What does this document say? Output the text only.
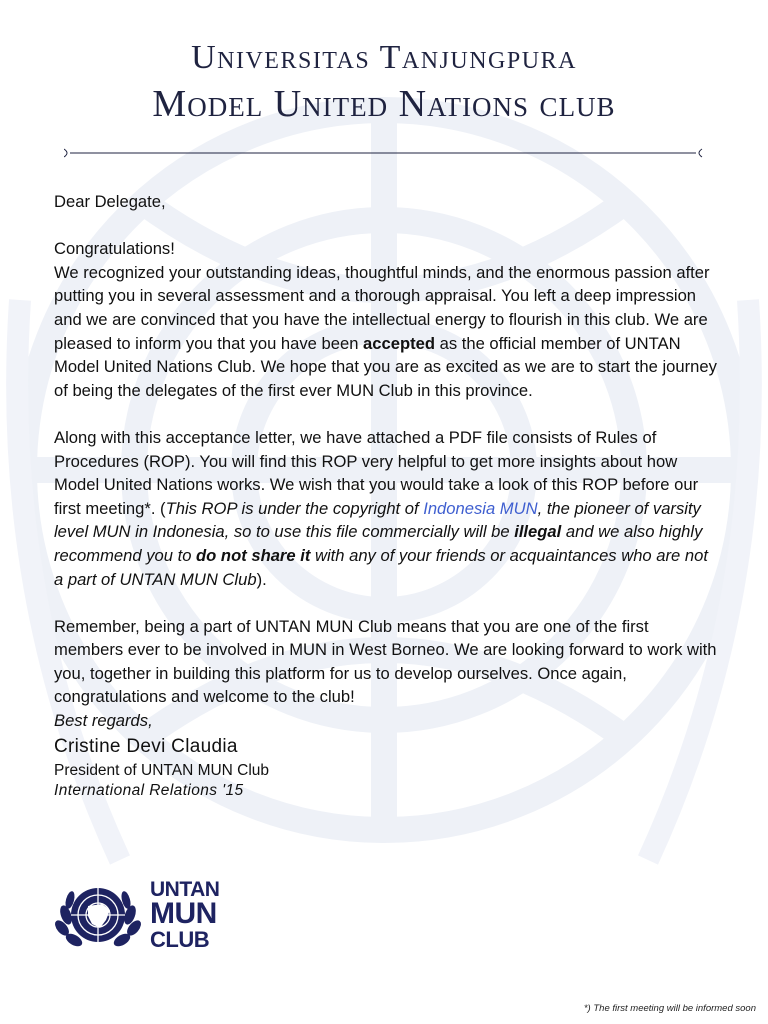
Universitas Tanjungpura
Model United Nations club

Dear Delegate,

Congratulations!

We recognized your outstanding ideas, thoughtful minds, and the enormous passion after putting you in several assessment and a thorough appraisal. You left a deep impression and we are convinced that you have the intellectual energy to flourish in this club. We are pleased to inform you that you have been accepted as the official member of UNTAN Model United Nations Club. We hope that you are as excited as we are to start the journey of being the delegates of the first ever MUN Club in this province.

Along with this acceptance letter, we have attached a PDF file consists of Rules of Procedures (ROP). You will find this ROP very helpful to get more insights about how Model United Nations works. We wish that you would take a look of this ROP before our first meeting*. (This ROP is under the copyright of Indonesia MUN, the pioneer of varsity level MUN in Indonesia, so to use this file commercially will be illegal and we also highly recommend you to do not share it with any of your friends or acquaintances who are not a part of UNTAN MUN Club).

Remember, being a part of UNTAN MUN Club means that you are one of the first members ever to be involved in MUN in West Borneo. We are looking forward to work with you, together in building this platform for us to develop ourselves. Once again, congratulations and welcome to the club!

Best regards,

Cristine Devi Claudia

President of UNTAN MUN Club

International Relations '15

UNTAN
MUN
CLUB
*) The first meeting will be informed soon
